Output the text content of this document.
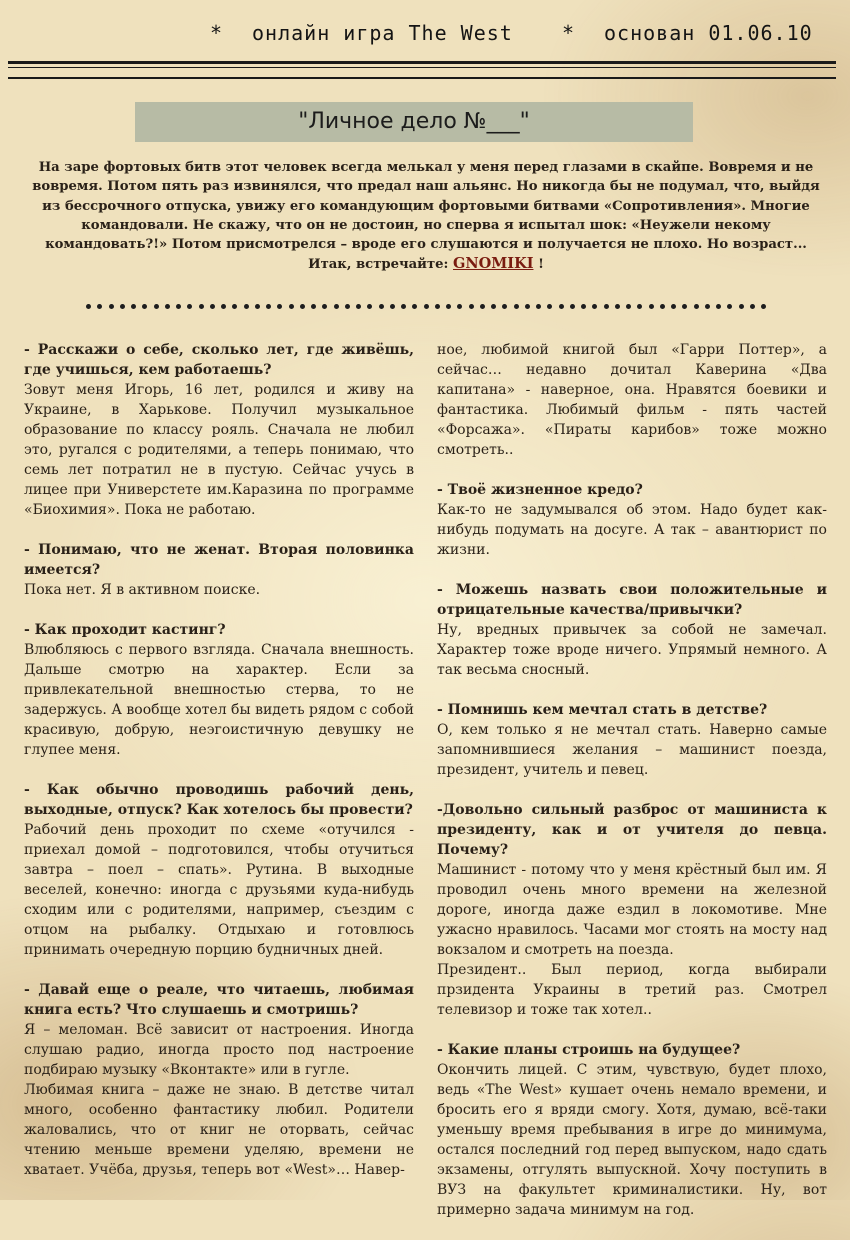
* онлайн игра The West * основан 01.06.10
"Личное дело №___"
На заре фортовых битв этот человек всегда мелькал у меня перед глазами в скайпе. Вовремя и не вовремя. Потом пять раз извинялся, что предал наш альянс. Но никогда бы не подумал, что, выйдя из бессрочного отпуска, увижу его командующим фортовыми битвами «Сопротивления». Многие командовали. Не скажу, что он не достоин, но сперва я испытал шок: «Неужели некому командовать?!» Потом присмотрелся – вроде его слушаются и получается не плохо. Но возраст...
Итак, встречайте: GNOMIKI !

- Расскажи о себе, сколько лет, где живёшь, где учишься, кем работаешь?

Зовут меня Игорь, 16 лет, родился и живу на Украине, в Харькове. Получил музыкальное образование по классу рояль. Сначала не любил это, ругался с родителями, а теперь понимаю, что семь лет потратил не в пустую. Сейчас учусь в лицее при Универстете им.Каразина по программе «Биохимия». Пока не работаю.

- Понимаю, что не женат. Вторая половинка имеется?

Пока нет. Я в активном поиске.

- Как проходит кастинг?

Влюбляюсь с первого взгляда. Сначала внешность. Дальше смотрю на характер. Если за привлекательной внешностью стерва, то не задержусь. А вообще хотел бы видеть рядом с собой красивую, добрую, неэгоистичную девушку не глупее меня.

- Как обычно проводишь рабочий день, выходные, отпуск? Как хотелось бы провести?

Рабочий день проходит по схеме «отучился - приехал домой – подготовился, чтобы отучиться завтра – поел – спать». Рутина. В выходные веселей, конечно: иногда с друзьями куда-нибудь сходим или с родителями, например, съездим с отцом на рыбалку. Отдыхаю и готовлюсь принимать очередную порцию будничных дней.

- Давай еще о реале, что читаешь, любимая книга есть? Что слушаешь и смотришь?

Я – меломан. Всё зависит от настроения. Иногда слушаю радио, иногда просто под настроение подбираю музыку «Вконтакте» или в гугле.

Любимая книга – даже не знаю. В детстве читал много, особенно фантастику любил. Родители жаловались, что от книг не оторвать, сейчас чтению меньше времени уделяю, времени не хватает. Учёба, друзья, теперь вот «West»… Навер-

ное, любимой книгой был «Гарри Поттер», а сейчас… недавно дочитал Каверина «Два капитана» - наверное, она. Нравятся боевики и фантастика. Любимый фильм - пять частей «Форсажа». «Пираты карибов» тоже можно смотреть..

- Твоё жизненное кредо?

Как-то не задумывался об этом. Надо будет как-нибудь подумать на досуге. А так – авантюрист по жизни.

- Можешь назвать свои положительные и отрицательные качества/привычки?

Ну, вредных привычек за собой не замечал. Характер тоже вроде ничего. Упрямый немного. А так весьма сносный.

- Помнишь кем мечтал стать в детстве?

О, кем только я не мечтал стать. Наверно самые запомнившиеся желания – машинист поезда, президент, учитель и певец.

-Довольно сильный разброс от машиниста к президенту, как и от учителя до певца. Почему?

Машинист - потому что у меня крёстный был им. Я проводил очень много времени на железной дороге, иногда даже ездил в локомотиве. Мне ужасно нравилось. Часами мог стоять на мосту над вокзалом и смотреть на поезда.

Президент.. Был период, когда выбирали прзидента Украины в третий раз. Смотрел телевизор и тоже так хотел..

- Какие планы строишь на будущее?

Окончить лицей. С этим, чувствую, будет плохо, ведь «The West» кушает очень немало времени, и бросить его я вряди смогу. Хотя, думаю, всё-таки уменьшу время пребывания в игре до минимума, остался последний год перед выпуском, надо сдать экзамены, отгулять выпускной. Хочу поступить в ВУЗ на факультет криминалистики. Ну, вот примерно задача минимум на год.
